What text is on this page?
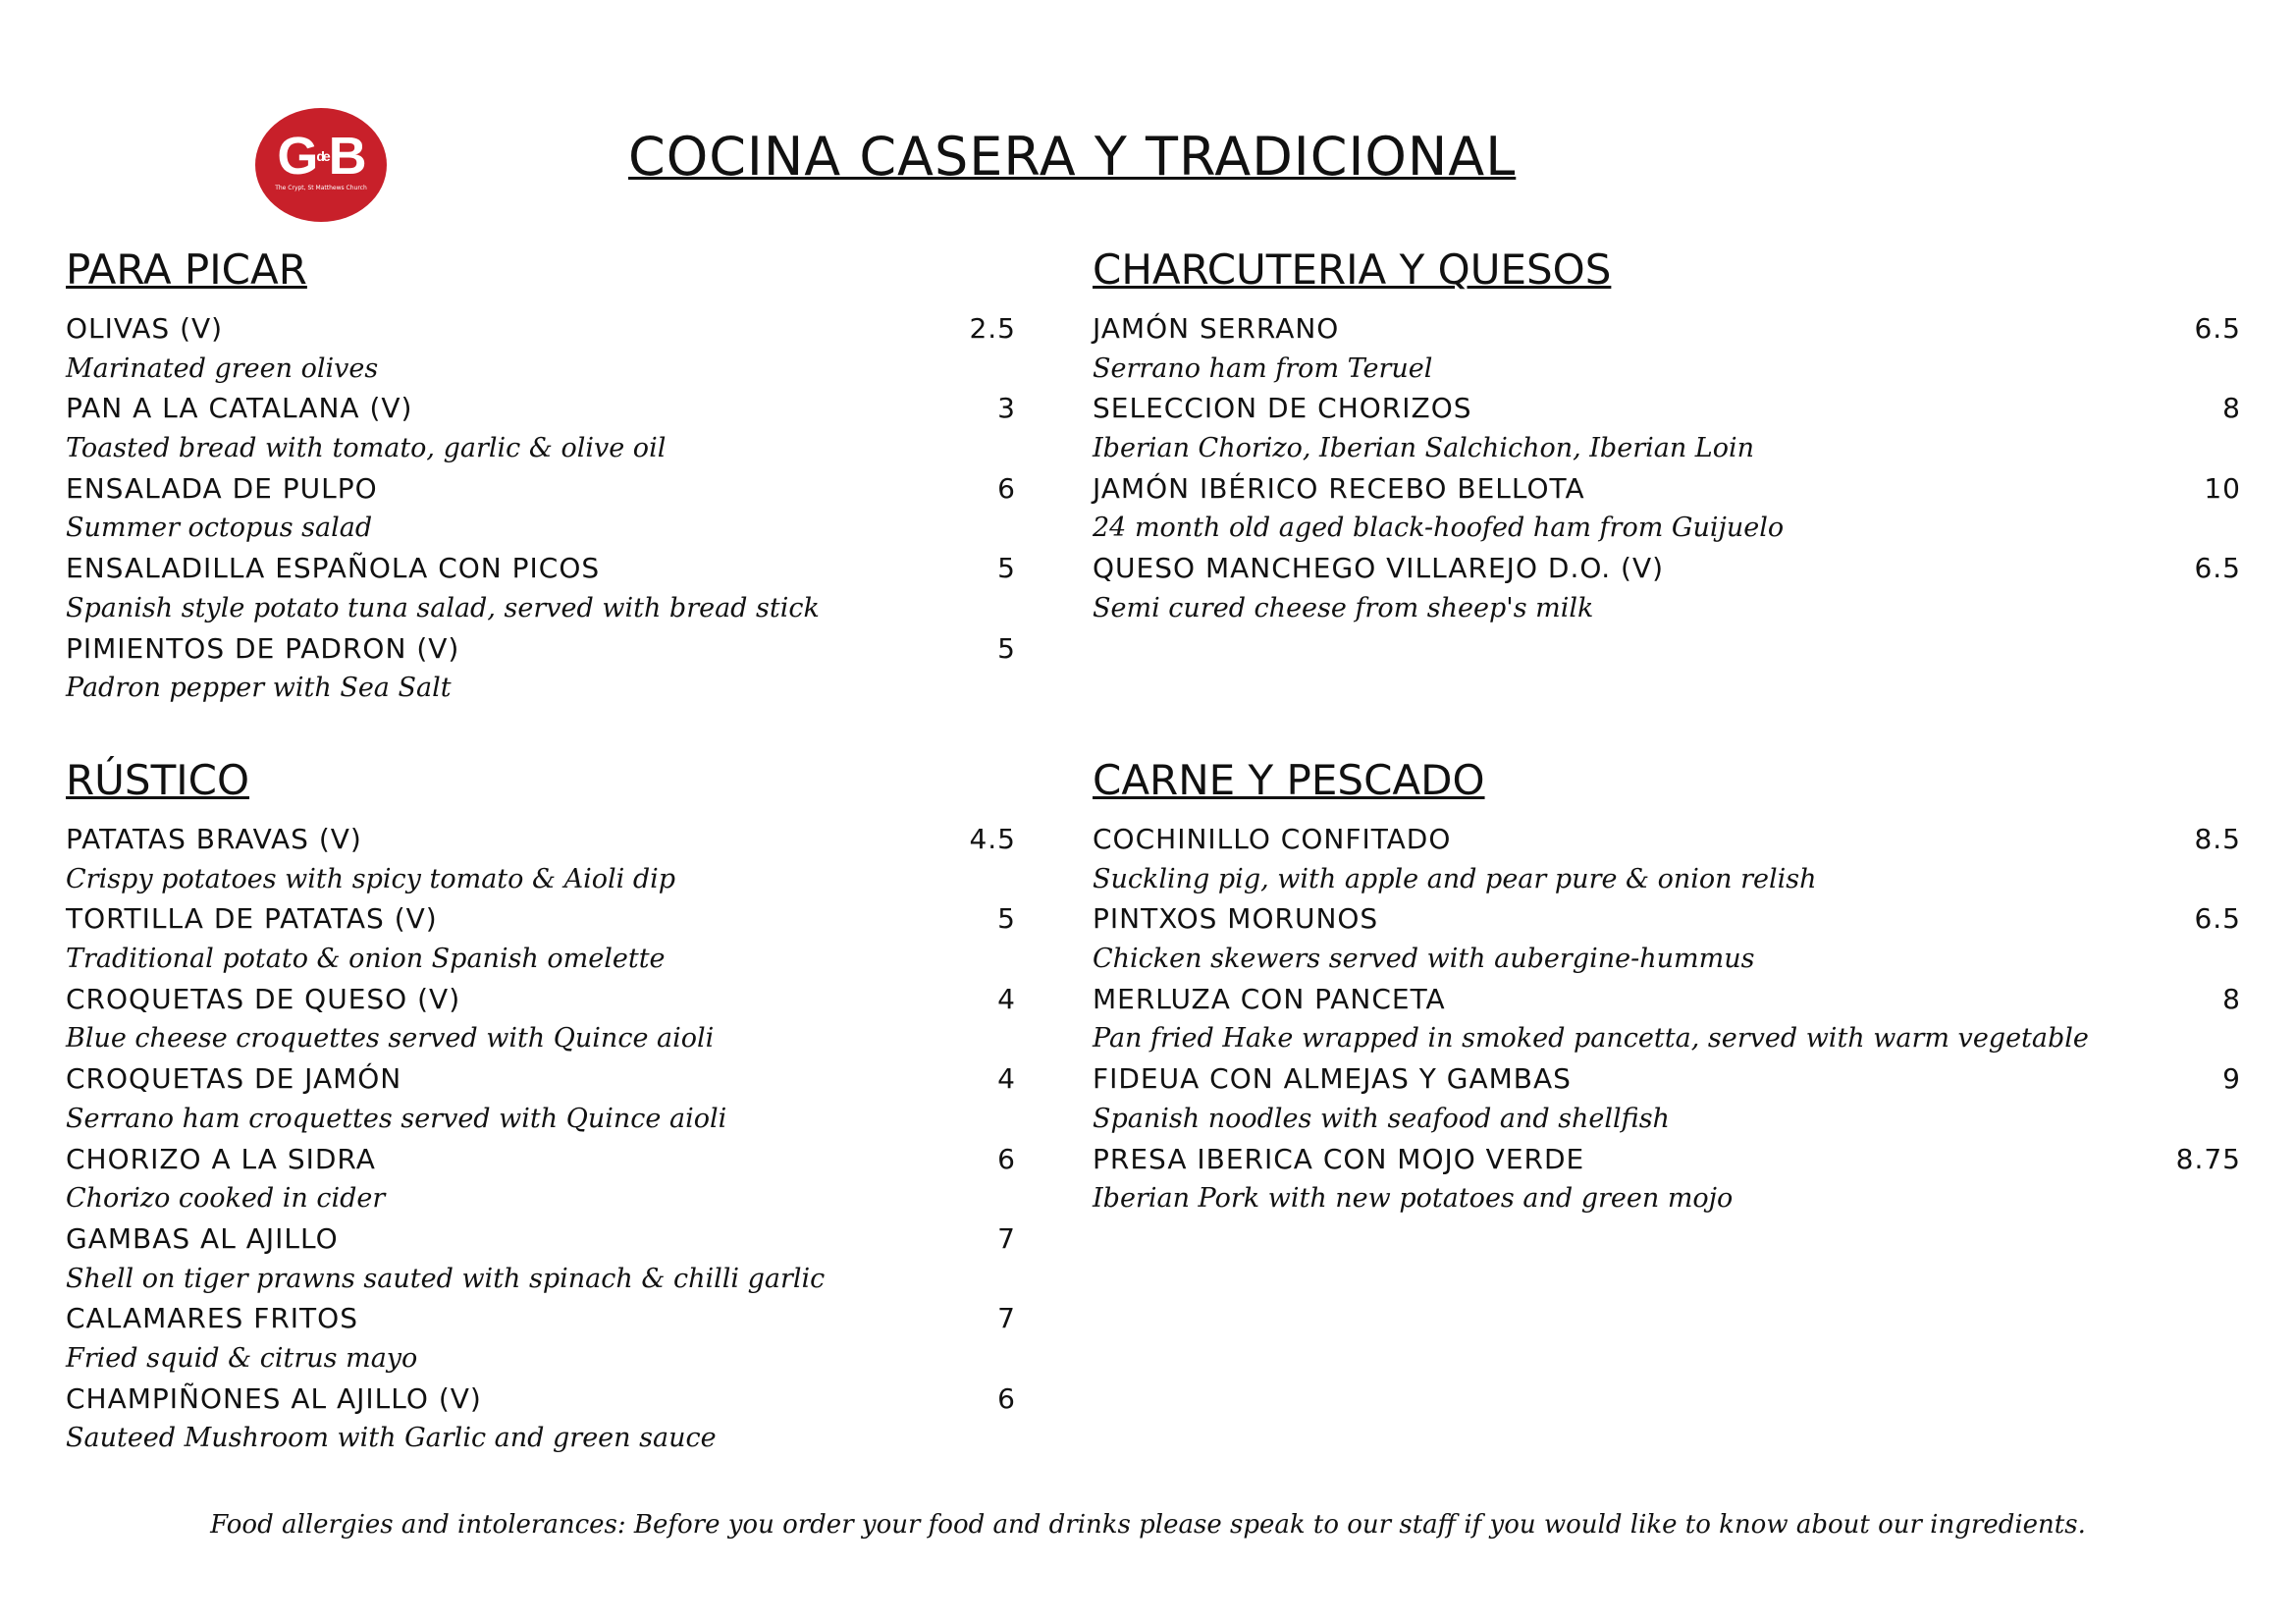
$G^{de}B$
The Crypt, St Matthews Church
COCINA CASERA Y TRADICIONAL
PARA PICAR
OLIVAS (V)	2.5
Marinated green olives
PAN A LA CATALANA (V)	3
Toasted bread with tomato, garlic & olive oil
ENSALADA DE PULPO	6
Summer octopus salad
ENSALADILLA ESPAÑOLA CON PICOS	5
Spanish style potato tuna salad, served with bread stick
PIMIENTOS DE PADRON (V)	5
Padron pepper with Sea Salt
CHARCUTERIA Y QUESOS
JAMÓN SERRANO	6.5
Serrano ham from Teruel
SELECCION DE CHORIZOS	8
Iberian Chorizo, Iberian Salchichon, Iberian Loin
JAMÓN IBÉRICO RECEBO BELLOTA	10
24 month old aged black-hoofed ham from Guijuelo
QUESO MANCHEGO VILLAREJO D.O. (V)	6.5
Semi cured cheese from sheep's milk
RÚSTICO
PATATAS BRAVAS (V)	4.5
Crispy potatoes with spicy tomato & Aioli dip
TORTILLA DE PATATAS (V)	5
Traditional potato & onion Spanish omelette
CROQUETAS DE QUESO (V)	4
Blue cheese croquettes served with Quince aioli
CROQUETAS DE JAMÓN	4
Serrano ham croquettes served with Quince aioli
CHORIZO A LA SIDRA	6
Chorizo cooked in cider
GAMBAS AL AJILLO	7
Shell on tiger prawns sauted with spinach & chilli garlic
CALAMARES FRITOS	7
Fried squid & citrus mayo
CHAMPIÑONES AL AJILLO (V)	6
Sauteed Mushroom with Garlic and green sauce
CARNE Y PESCADO
COCHINILLO CONFITADO	8.5
Suckling pig, with apple and pear pure & onion relish
PINTXOS MORUNOS	6.5
Chicken skewers served with aubergine-hummus
MERLUZA CON PANCETA	8
Pan fried Hake wrapped in smoked pancetta, served with warm vegetable
FIDEUA CON ALMEJAS Y GAMBAS	9
Spanish noodles with seafood and shellfish
PRESA IBERICA CON MOJO VERDE	8.75
Iberian Pork with new potatoes and green mojo
Food allergies and intolerances: Before you order your food and drinks please speak to our staff if you would like to know about our ingredients.
